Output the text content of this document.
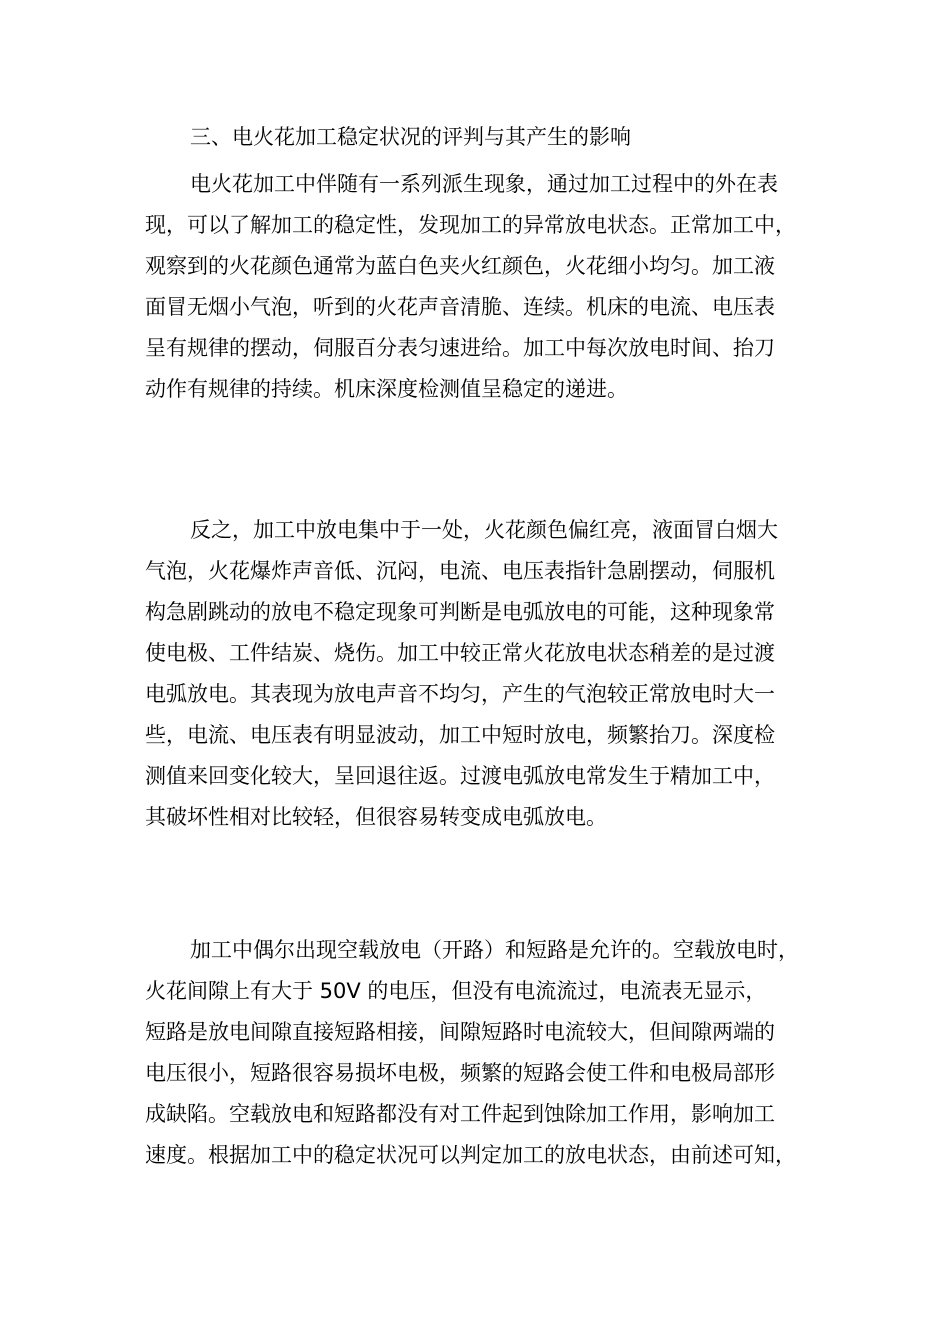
三、电火花加工稳定状况的评判与其产生的影响
电火花加工中伴随有一系列派生现象，通过加工过程中的外在表
现，可以了解加工的稳定性，发现加工的异常放电状态。正常加工中，
观察到的火花颜色通常为蓝白色夹火红颜色，火花细小均匀。加工液
面冒无烟小气泡，听到的火花声音清脆、连续。机床的电流、电压表
呈有规律的摆动，伺服百分表匀速进给。加工中每次放电时间、抬刀
动作有规律的持续。机床深度检测值呈稳定的递进。
反之，加工中放电集中于一处，火花颜色偏红亮，液面冒白烟大
气泡，火花爆炸声音低、沉闷，电流、电压表指针急剧摆动，伺服机
构急剧跳动的放电不稳定现象可判断是电弧放电的可能，这种现象常
使电极、工件结炭、烧伤。加工中较正常火花放电状态稍差的是过渡
电弧放电。其表现为放电声音不均匀，产生的气泡较正常放电时大一
些，电流、电压表有明显波动，加工中短时放电，频繁抬刀。深度检
测值来回变化较大，呈回退往返。过渡电弧放电常发生于精加工中，
其破坏性相对比较轻，但很容易转变成电弧放电。
加工中偶尔出现空载放电（开路）和短路是允许的。空载放电时，
火花间隙上有大于 50V 的电压，但没有电流流过，电流表无显示，
短路是放电间隙直接短路相接，间隙短路时电流较大，但间隙两端的
电压很小，短路很容易损坏电极，频繁的短路会使工件和电极局部形
成缺陷。空载放电和短路都没有对工件起到蚀除加工作用，影响加工
速度。根据加工中的稳定状况可以判定加工的放电状态，由前述可知，
